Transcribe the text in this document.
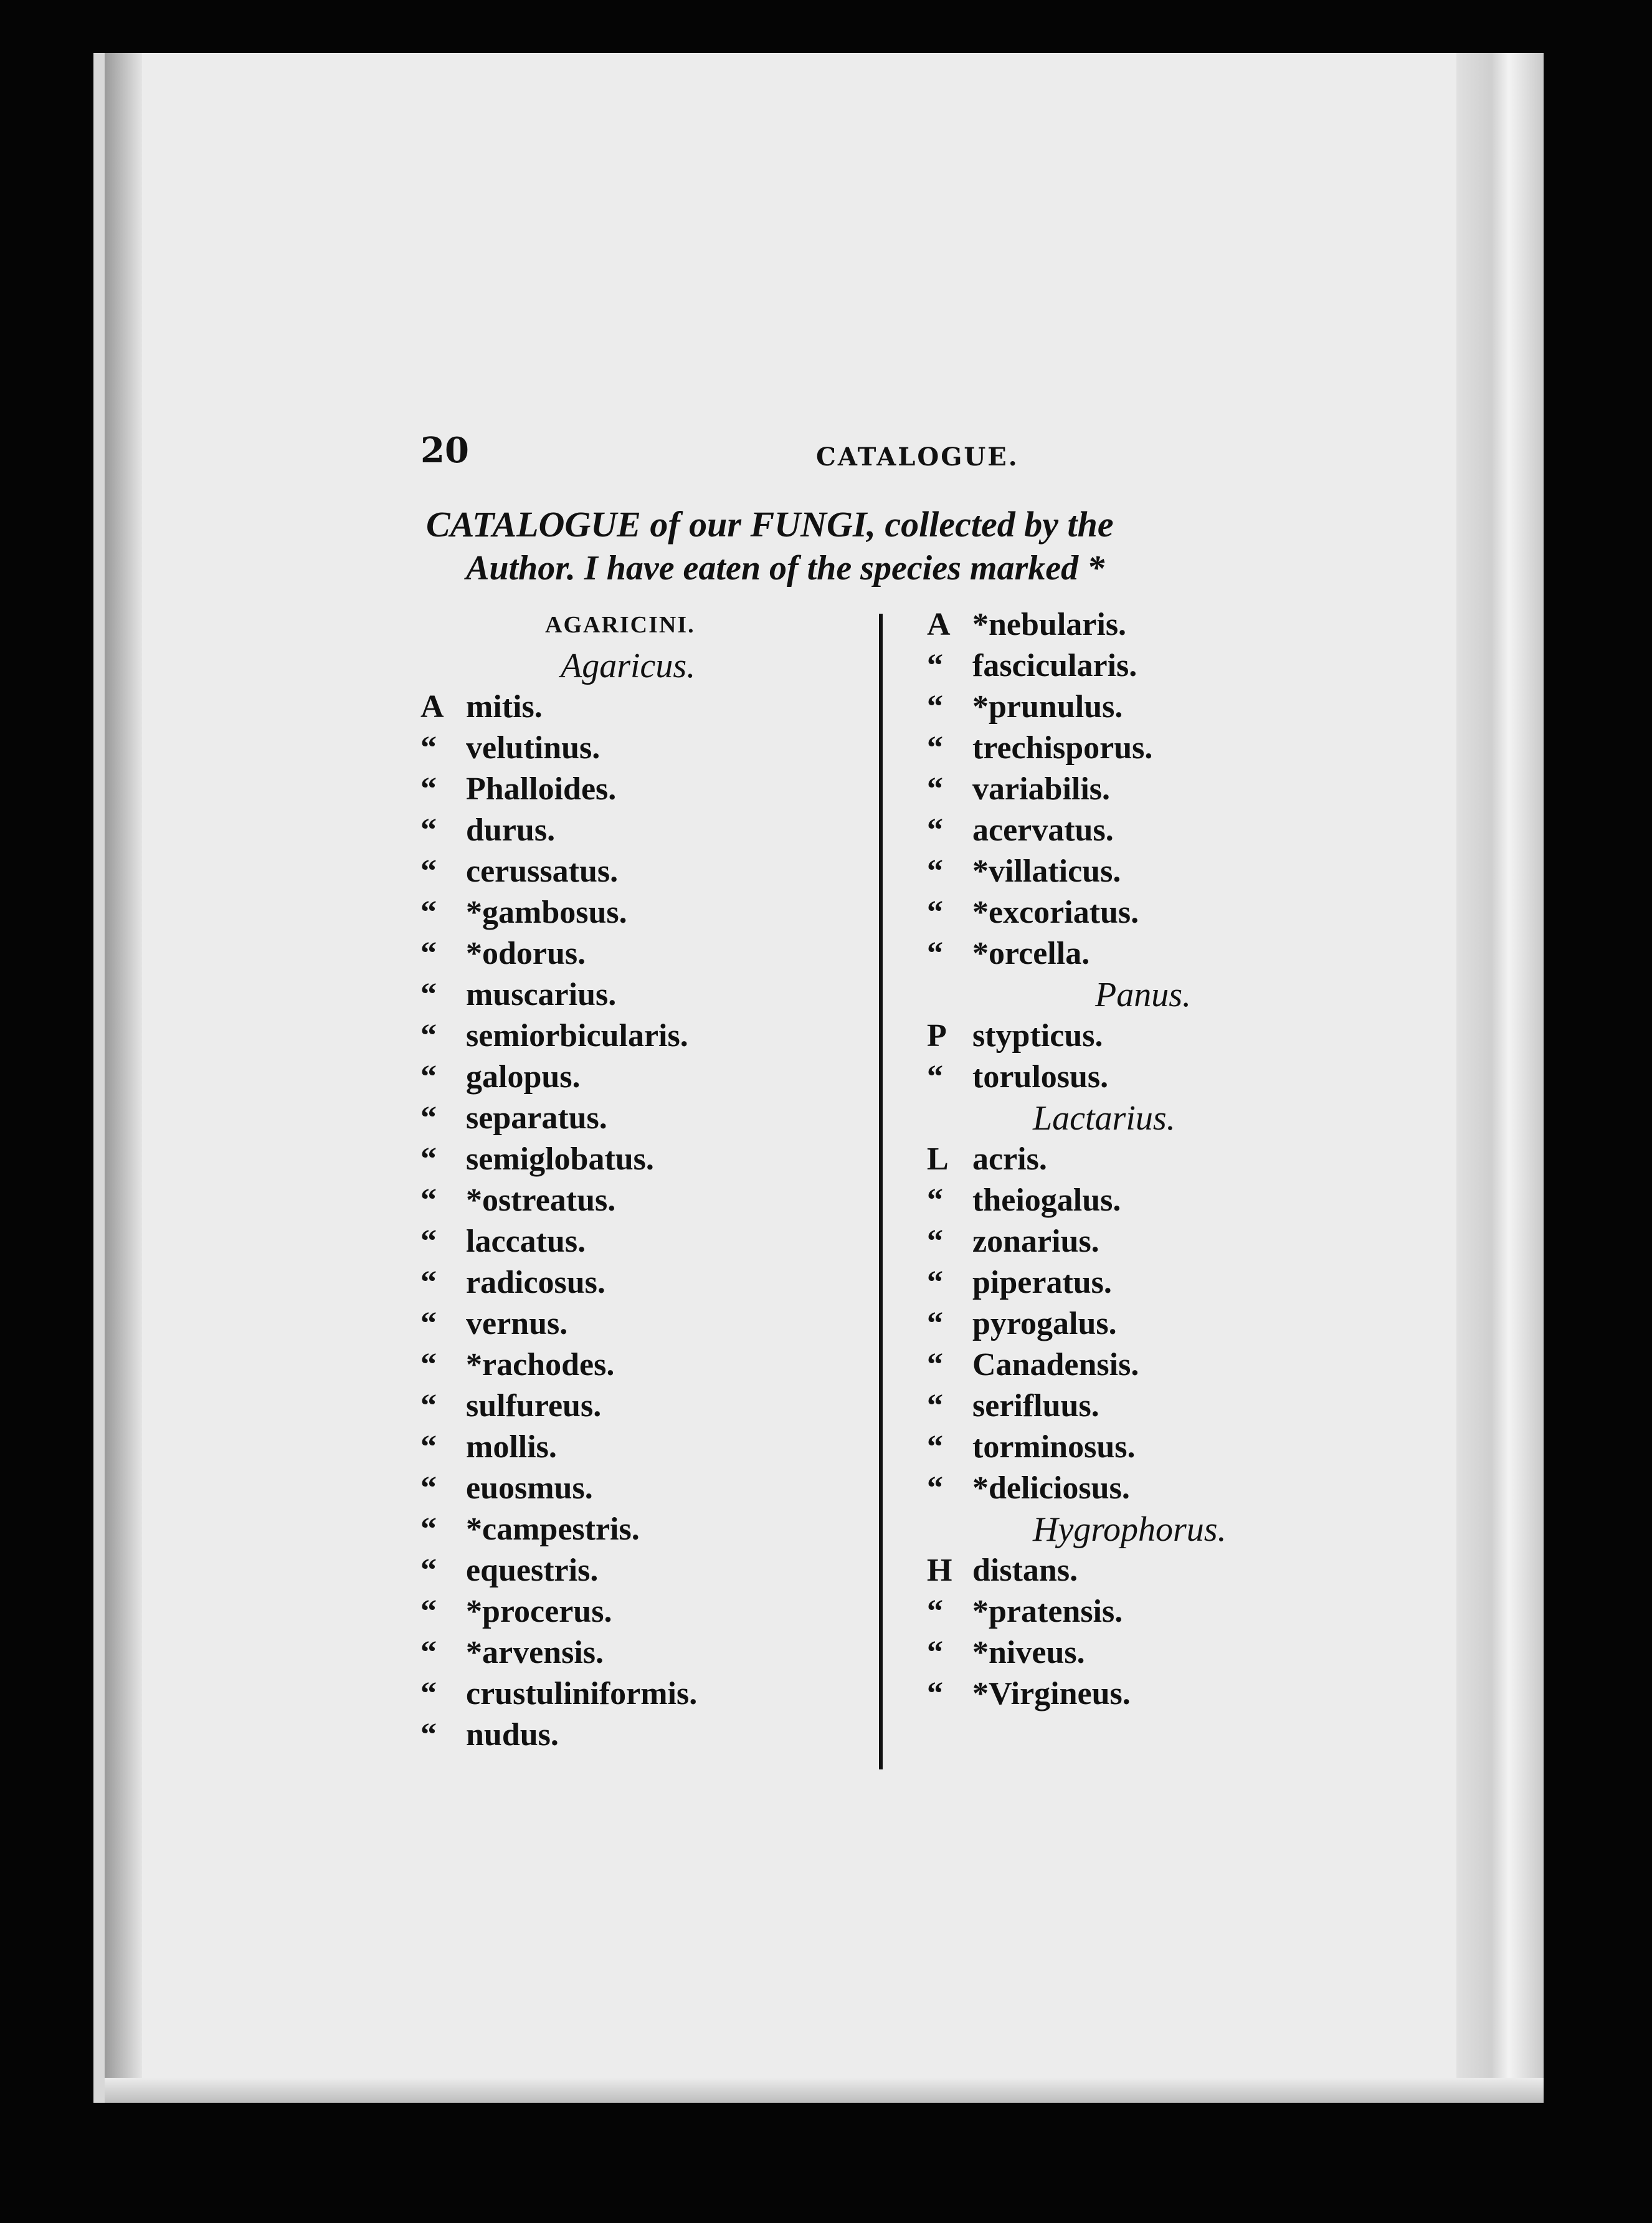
20	CATALOGUE.
CATALOGUE of our FUNGI, collected by the
Author. I have eaten of the species marked *
AGARICINI.
Agaricus.
A mitis.
“ velutinus.
“ Phalloides.
“ durus.
“ cerussatus.
“ *gambosus.
“ *odorus.
“ muscarius.
“ semiorbicularis.
“ galopus.
“ separatus.
“ semiglobatus.
“ *ostreatus.
“ laccatus.
“ radicosus.
“ vernus.
“ *rachodes.
“ sulfureus.
“ mollis.
“ euosmus.
“ *campestris.
“ equestris.
“ *procerus.
“ *arvensis.
“ crustuliniformis.
“ nudus.
A *nebularis.
“ fascicularis.
“ *prunulus.
“ trechisporus.
“ variabilis.
“ acervatus.
“ *villaticus.
“ *excoriatus.
“ *orcella.
Panus.
P stypticus.
“ torulosus.
Lactarius.
L acris.
“ theiogalus.
“ zonarius.
“ piperatus.
“ pyrogalus.
“ Canadensis.
“ serifluus.
“ torminosus.
“ *deliciosus.
Hygrophorus.
H distans.
“ *pratensis.
“ *niveus.
“ *Virgineus.
